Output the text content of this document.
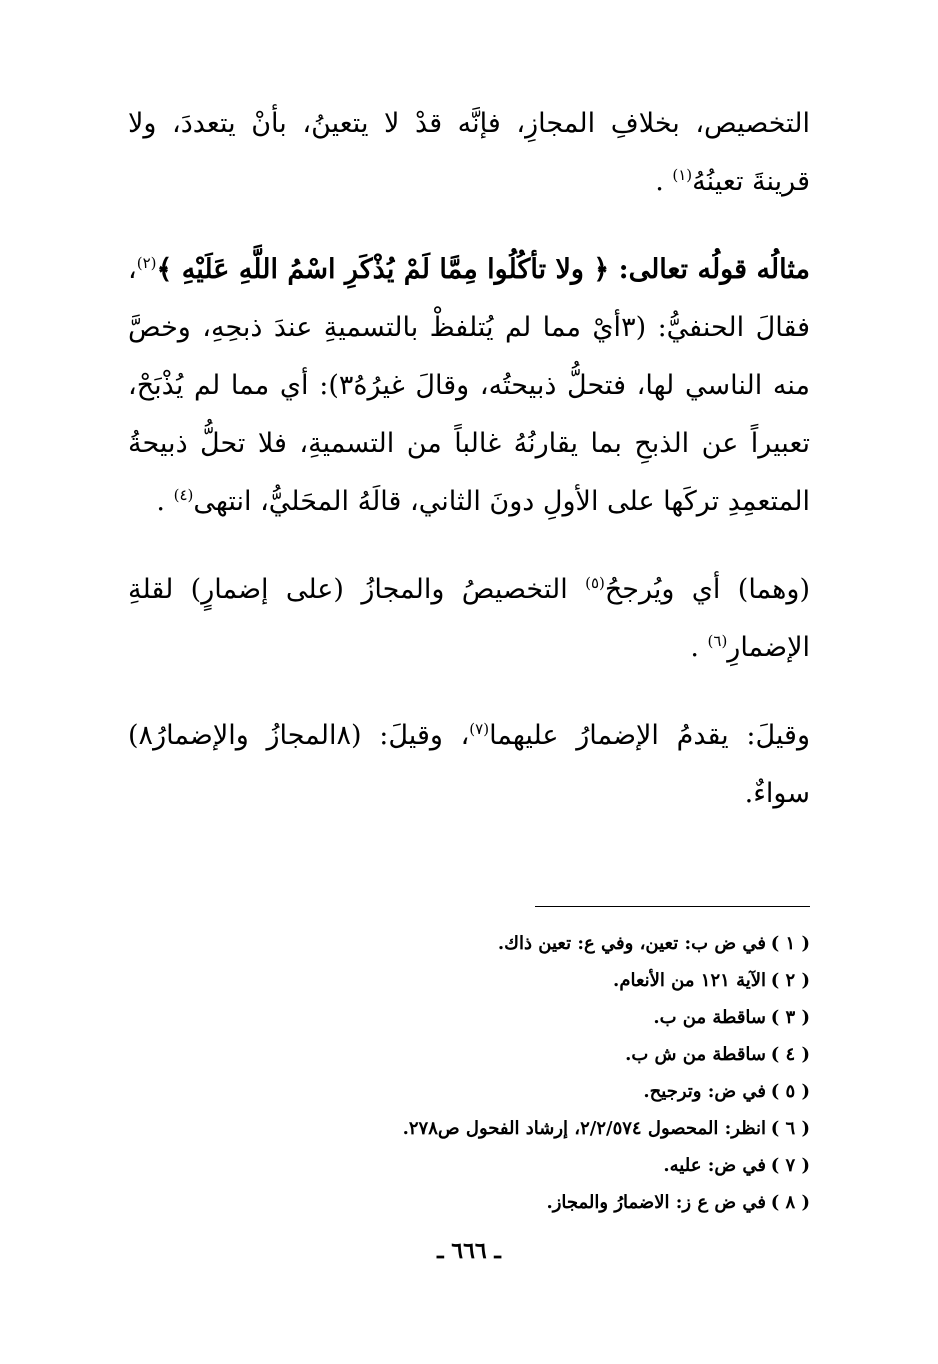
التخصيص، بخلافِ المجازِ، فإنَّه قدْ لا يتعينُ، بأنْ يتعددَ، ولا قرينةَ تعينُهُ$^{(١)}$ .

مثالُه قولُه تعالى: ﴿ ولا تأكُلُوا مِمَّا لَمْ يُذْكَرِ اسْمُ اللَّهِ عَلَيْهِ ﴾$^{(٢)}$، فقالَ الحنفيُّ: (٣أيْ مما لم يُتلفظْ بالتسميةِ عندَ ذبحِهِ، وخصَّ منه الناسي لها، فتحلُّ ذبيحتُه، وقالَ غيرُهُ٣): أي مما لم يُذْبَحْ، تعبيراً عن الذبحِ بما يقارنُهُ غالباً من التسميةِ، فلا تحلُّ ذبيحةُ المتعمِدِ تركَها على الأولِ دونَ الثاني، قالَهُ المحَليُّ، انتهى$^{(٤)}$ .

(وهما) أي ويُرجحُ$^{(٥)}$ التخصيصُ والمجازُ (على إضمارٍ) لقلةِ الإضمارِ$^{(٦)}$ .

وقيلَ: يقدمُ الإضمارُ عليهما$^{(٧)}$، وقيلَ: (٨المجازُ والإضمارُ٨) سواءٌ.

( ١ )في ض ب: تعين، وفي ع: تعين ذاك.
( ٢ )الآية ١٢١ من الأنعام.
( ٣ )ساقطة من ب.
( ٤ )ساقطة من ش ب.
( ٥ )في ض: وترجيح.
( ٦ )انظر: المحصول ٢/٢/٥٧٤، إرشاد الفحول ص٢٧٨.
( ٧ )في ض: عليه.
( ٨ )في ض ع ز: الاضمارُ والمجاز.
ـ ٦٦٦ ـ
